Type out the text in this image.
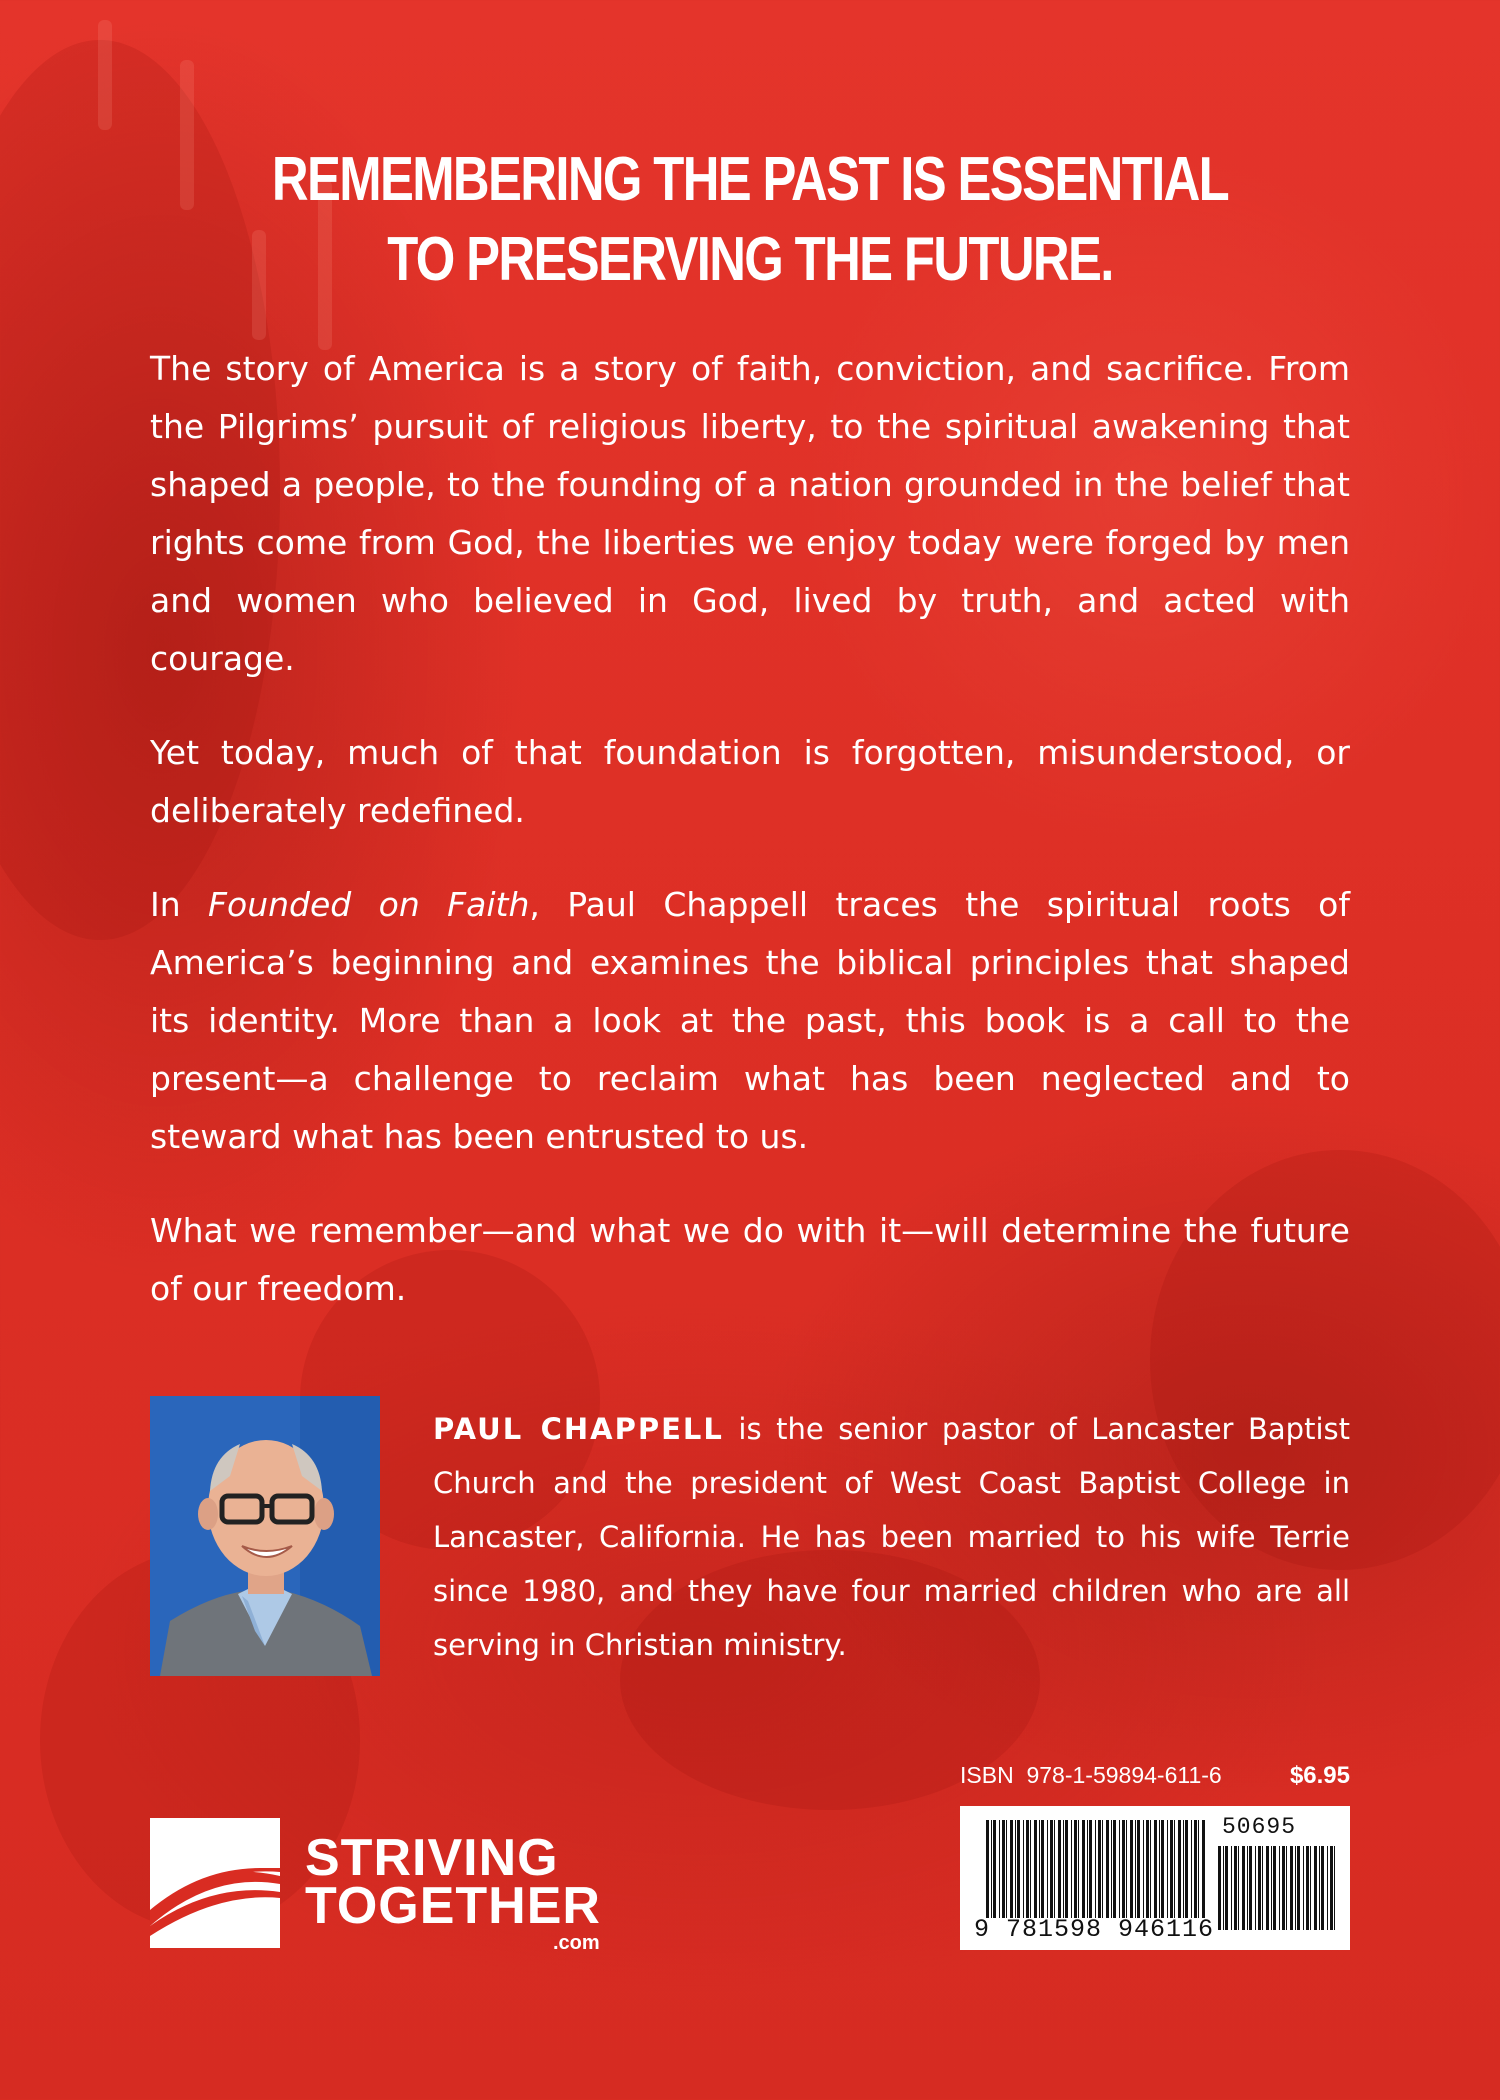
REMEMBERING THE PAST IS ESSENTIAL
TO PRESERVING THE FUTURE.

The story of America is a story of faith, conviction, and sacrifice. From the Pilgrims’ pursuit of religious liberty, to the spiritual awakening that shaped a people, to the founding of a nation grounded in the belief that rights come from God, the liberties we enjoy today were forged by men and women who believed in God, lived by truth, and acted with courage.

Yet today, much of that foundation is forgotten, misunderstood, or deliberately redefined.

In Founded on Faith, Paul Chappell traces the spiritual roots of America’s beginning and examines the biblical principles that shaped its identity. More than a look at the past, this book is a call to the present—a challenge to reclaim what has been neglected and to steward what has been entrusted to us.

What we remember—and what we do with it—will determine the future of our freedom.

PAUL CHAPPELL is the senior pastor of Lancaster Baptist Church and the president of West Coast Baptist College in Lancaster, California. He has been married to his wife Terrie since 1980, and they have four married children who are all serving in Christian ministry.

ISBN  978-1-59894-611-6	$6.95
9 781598 946116
50695
STRIVING
TOGETHER
.com
